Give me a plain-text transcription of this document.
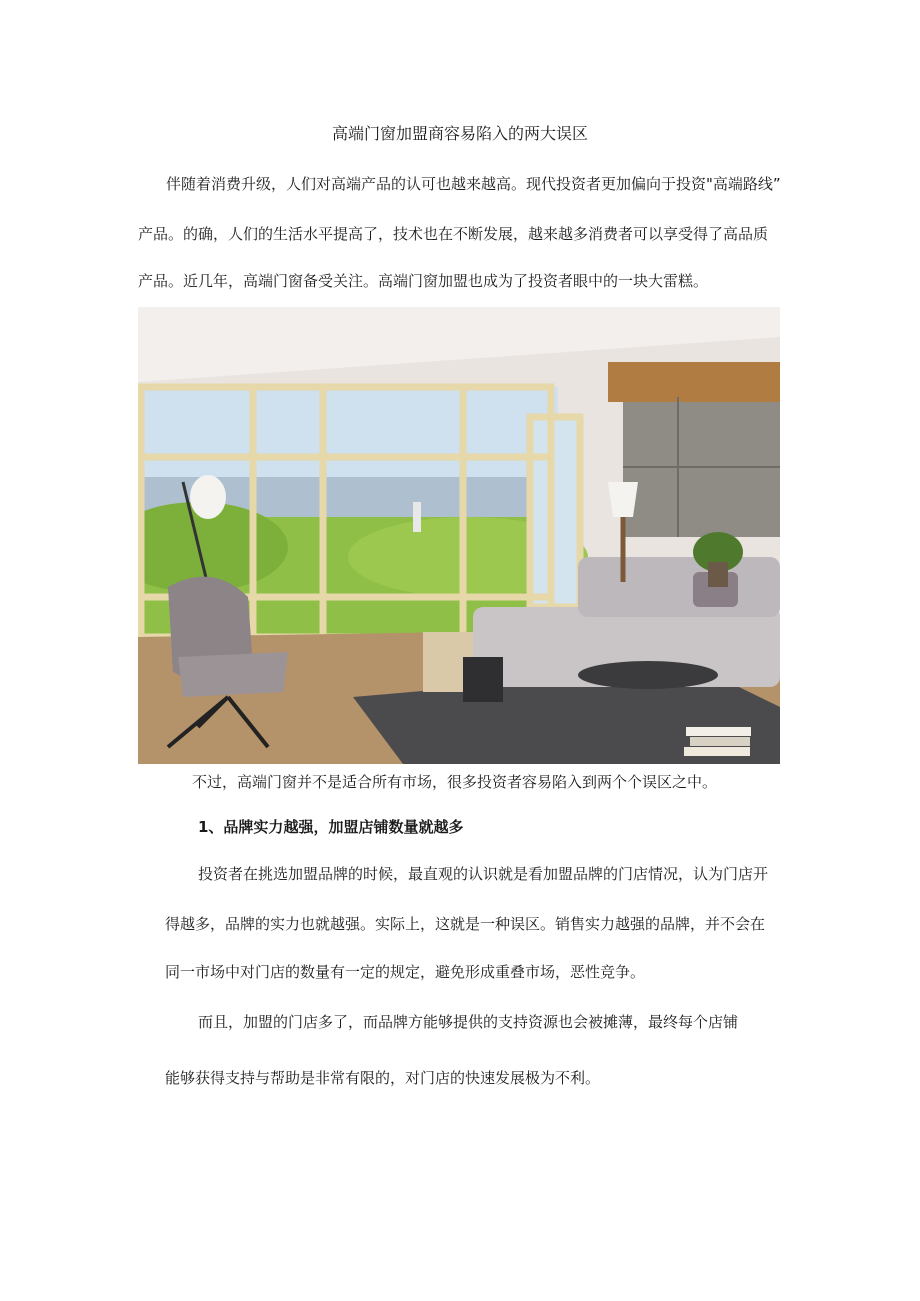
高端门窗加盟商容易陷入的两大误区
伴随着消费升级，人们对高端产品的认可也越来越高。现代投资者更加偏向于投资"高端路线”
产品。的确，人们的生活水平提高了，技术也在不断发展，越来越多消费者可以享受得了高品质
产品。近几年，高端门窗备受关注。高端门窗加盟也成为了投资者眼中的一块大雷糕。
不过，高端门窗并不是适合所有市场，很多投资者容易陷入到两个个误区之中。
1、品牌实力越强，加盟店铺数量就越多
投资者在挑选加盟品牌的时候，最直观的认识就是看加盟品牌的门店情况，认为门店开
得越多，品牌的实力也就越强。实际上，这就是一种误区。销售实力越强的品牌，并不会在
同一市场中对门店的数量有一定的规定，避免形成重叠市场，恶性竞争。
而且，加盟的门店多了，而品牌方能够提供的支持资源也会被摊薄，最终每个店铺
能够获得支持与帮助是非常有限的，对门店的快速发展极为不利。
